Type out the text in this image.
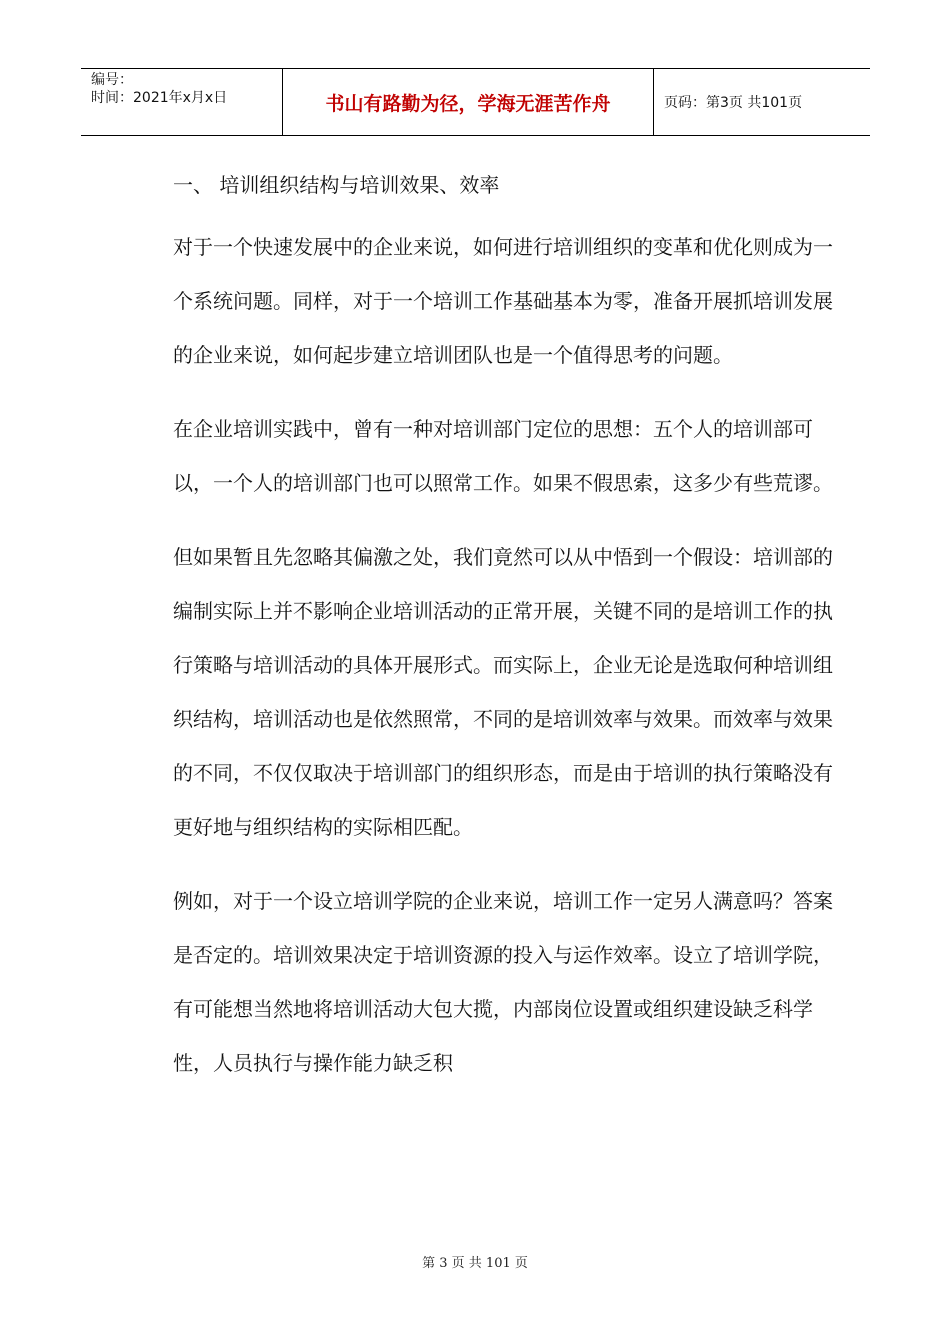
编号：
时间：2021年x月x日	书山有路勤为径，学海无涯苦作舟	页码：第3页 共101页

一、 培训组织结构与培训效果、效率

对于一个快速发展中的企业来说，如何进行培训组织的变革和优化则成为一个系统问题。同样，对于一个培训工作基础基本为零，准备开展抓培训发展的企业来说，如何起步建立培训团队也是一个值得思考的问题。

在企业培训实践中，曾有一种对培训部门定位的思想：五个人的培训部可以，一个人的培训部门也可以照常工作。如果不假思索，这多少有些荒谬。

但如果暂且先忽略其偏激之处，我们竟然可以从中悟到一个假设：培训部的编制实际上并不影响企业培训活动的正常开展，关键不同的是培训工作的执行策略与培训活动的具体开展形式。而实际上，企业无论是选取何种培训组织结构，培训活动也是依然照常，不同的是培训效率与效果。而效率与效果的不同，不仅仅取决于培训部门的组织形态，而是由于培训的执行策略没有更好地与组织结构的实际相匹配。

例如，对于一个设立培训学院的企业来说，培训工作一定另人满意吗？答案是否定的。培训效果决定于培训资源的投入与运作效率。设立了培训学院，有可能想当然地将培训活动大包大揽，内部岗位设置或组织建设缺乏科学性，人员执行与操作能力缺乏积

第 3 页 共 101 页
